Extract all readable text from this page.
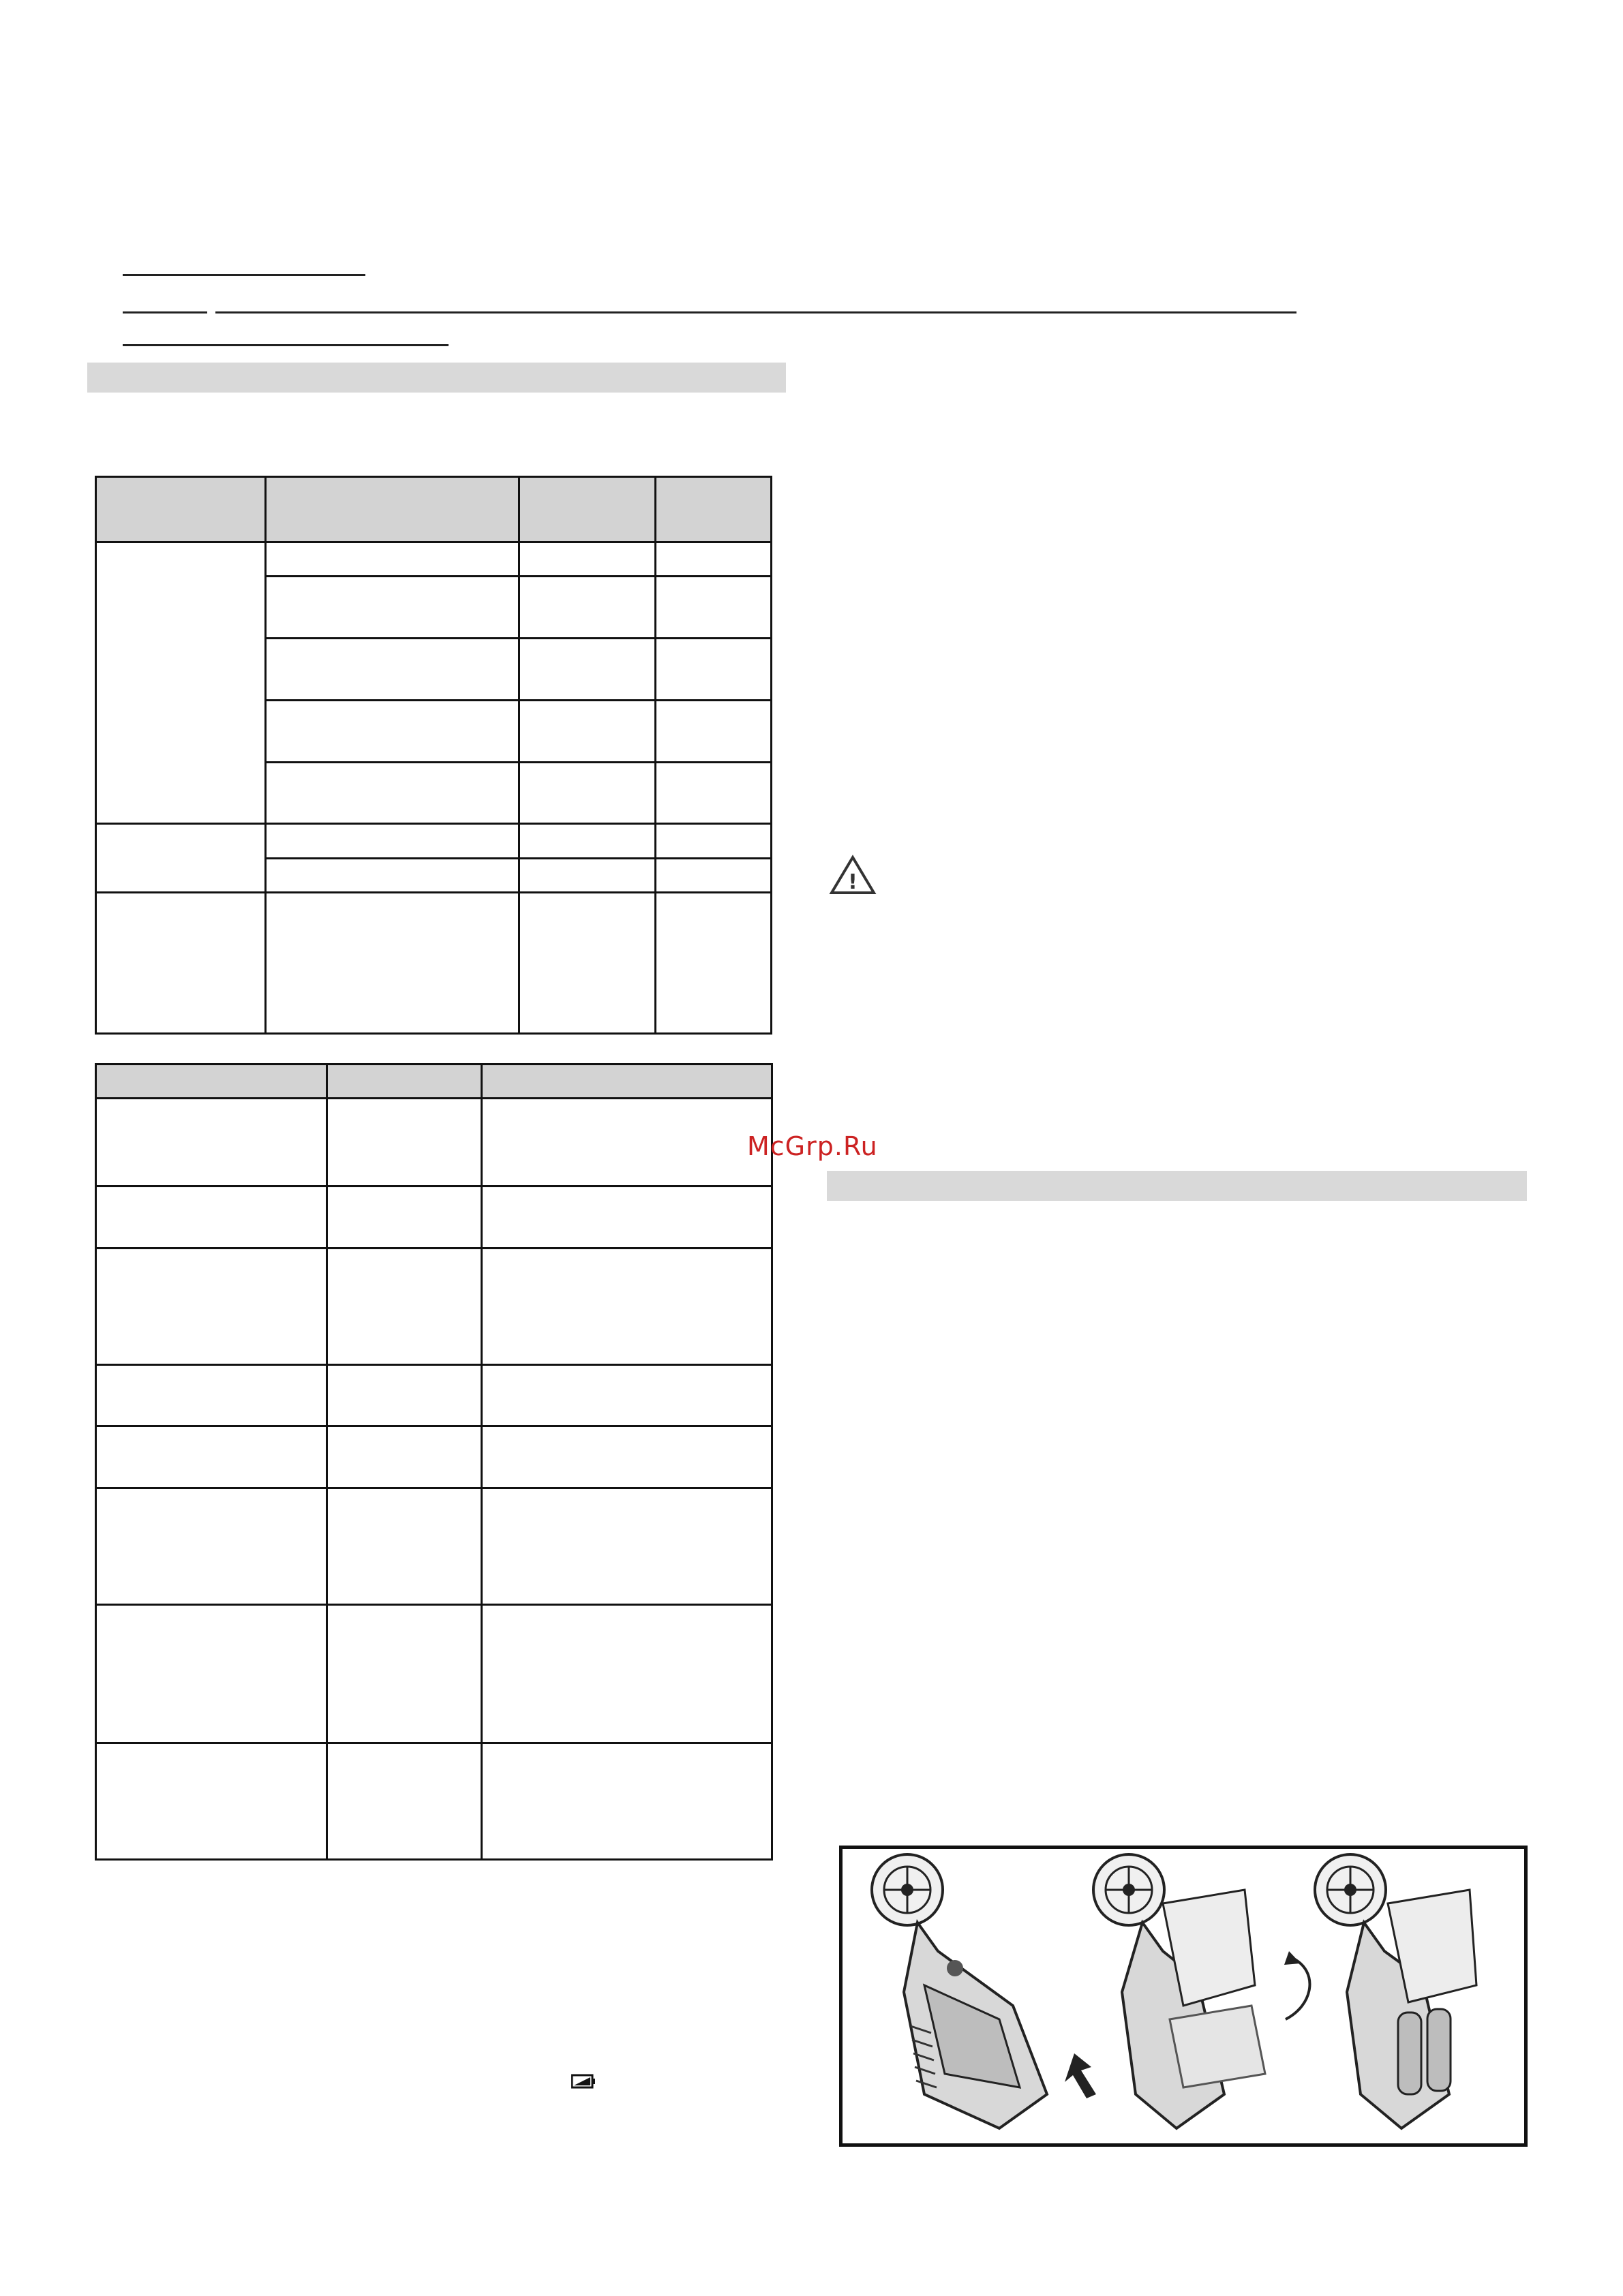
!
McGrp.Ru
